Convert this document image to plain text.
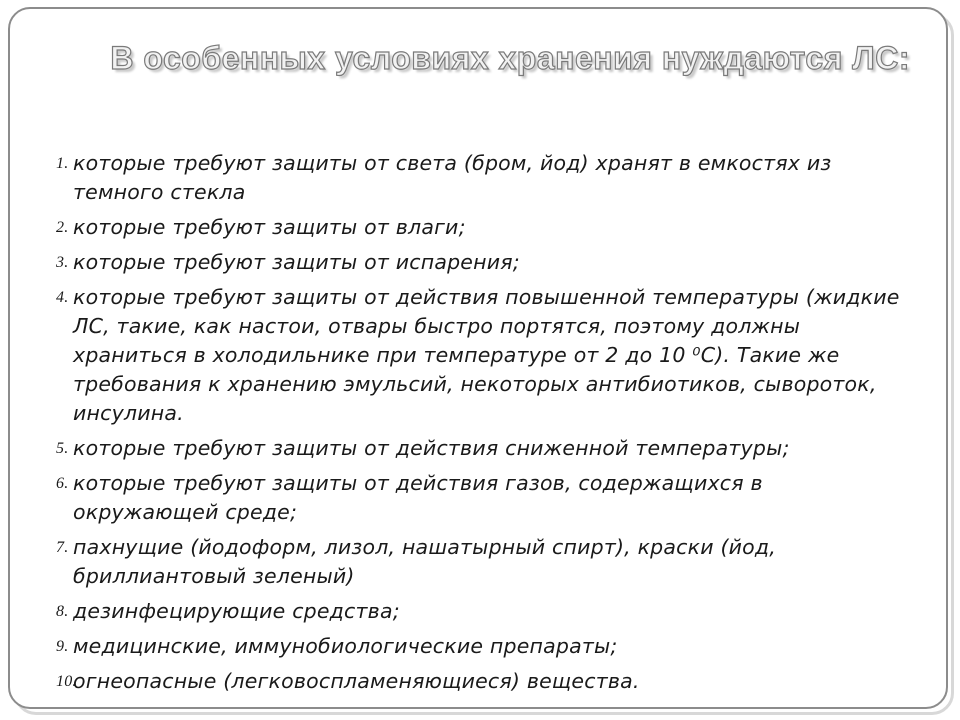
В особенных условиях хранения нуждаются ЛС:
1. которые требуют защиты от света (бром, йод) хранят в емкостях из темного стекла
2. которые требуют защиты от влаги;
3. которые требуют защиты от испарения;
4. которые требуют защиты от действия повышенной температуры (жидкие ЛС, такие, как настои, отвары быстро портятся, поэтому должны храниться в холодильнике при температуре от 2 до 10 ⁰С). Такие же требования к хранению эмульсий, некоторых антибиотиков, сывороток, инсулина.
5. которые требуют защиты от действия сниженной температуры;
6. которые требуют защиты от действия газов, содержащихся в окружающей среде;
7. пахнущие (йодоформ, лизол, нашатырный спирт), краски (йод, бриллиантовый зеленый)
8. дезинфецирующие средства;
9. медицинские, иммунобиологические препараты;
10.
огнеопасные (легковоспламеняющиеся) вещества.
